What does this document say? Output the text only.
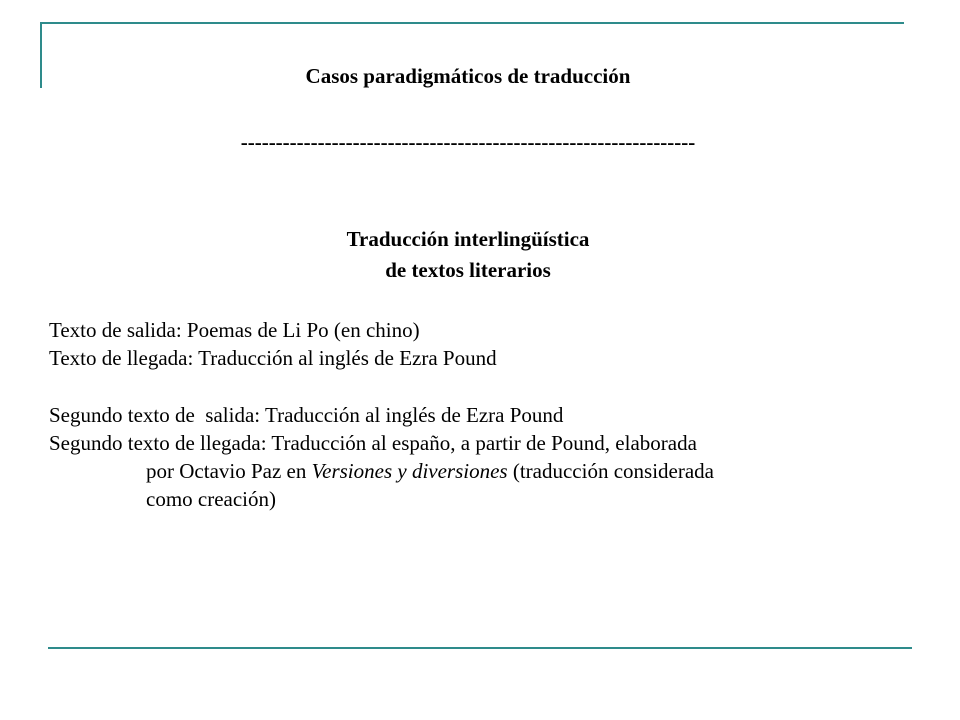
Casos paradigmáticos de traducción
-----------------------------------------------------------------
Traducción interlingüística
de textos literarios
Texto de salida: Poemas de Li Po (en chino)
Texto de llegada: Traducción al inglés de Ezra Pound
Segundo texto de  salida: Traducción al inglés de Ezra Pound
Segundo texto de llegada: Traducción al españo, a partir de Pound, elaborada
por Octavio Paz en Versiones y diversiones (traducción considerada
como creación)
